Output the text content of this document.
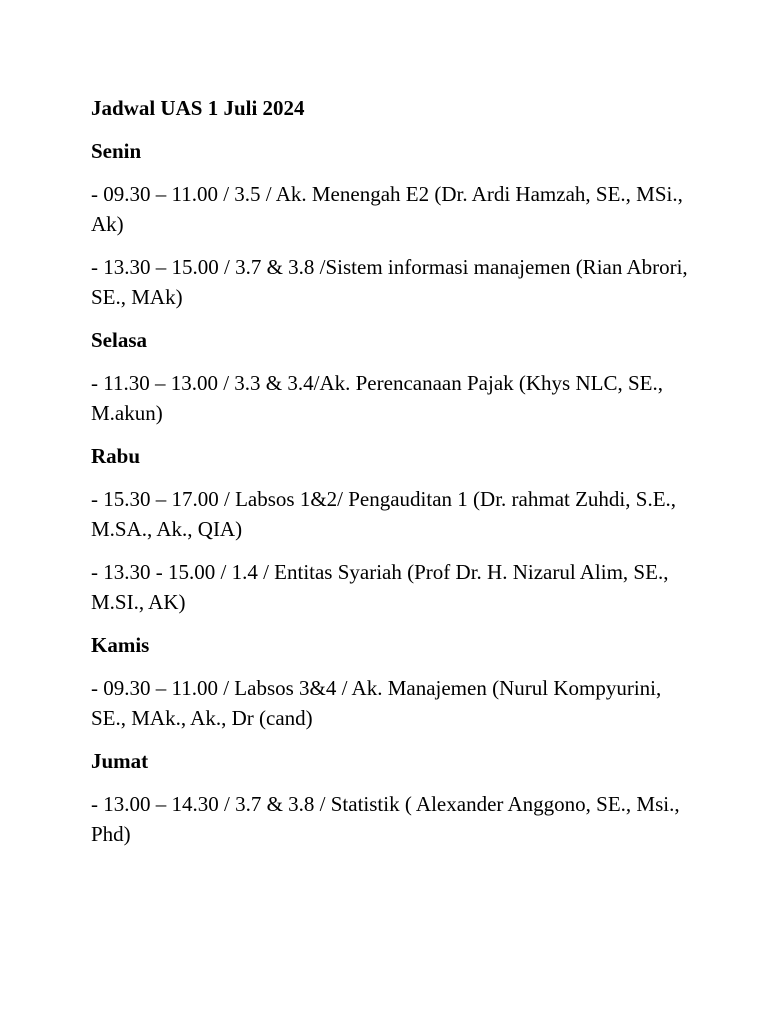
Jadwal UAS 1 Juli 2024
Senin
- 09.30 – 11.00 / 3.5 / Ak. Menengah E2 (Dr. Ardi Hamzah, SE., MSi., Ak)
- 13.30 – 15.00 / 3.7 & 3.8 /Sistem informasi manajemen (Rian Abrori, SE., MAk)
Selasa
- 11.30 – 13.00 / 3.3 & 3.4/Ak. Perencanaan Pajak (Khys NLC, SE., M.akun)
Rabu
- 15.30 – 17.00 / Labsos 1&2/ Pengauditan 1 (Dr. rahmat Zuhdi, S.E., M.SA., Ak., QIA)
- 13.30 - 15.00 / 1.4 / Entitas Syariah (Prof Dr. H. Nizarul Alim, SE., M.SI., AK)
Kamis
- 09.30 – 11.00 / Labsos 3&4 / Ak. Manajemen (Nurul Kompyurini, SE., MAk., Ak., Dr (cand)
Jumat
- 13.00 – 14.30 / 3.7 & 3.8 / Statistik ( Alexander Anggono, SE., Msi., Phd)
